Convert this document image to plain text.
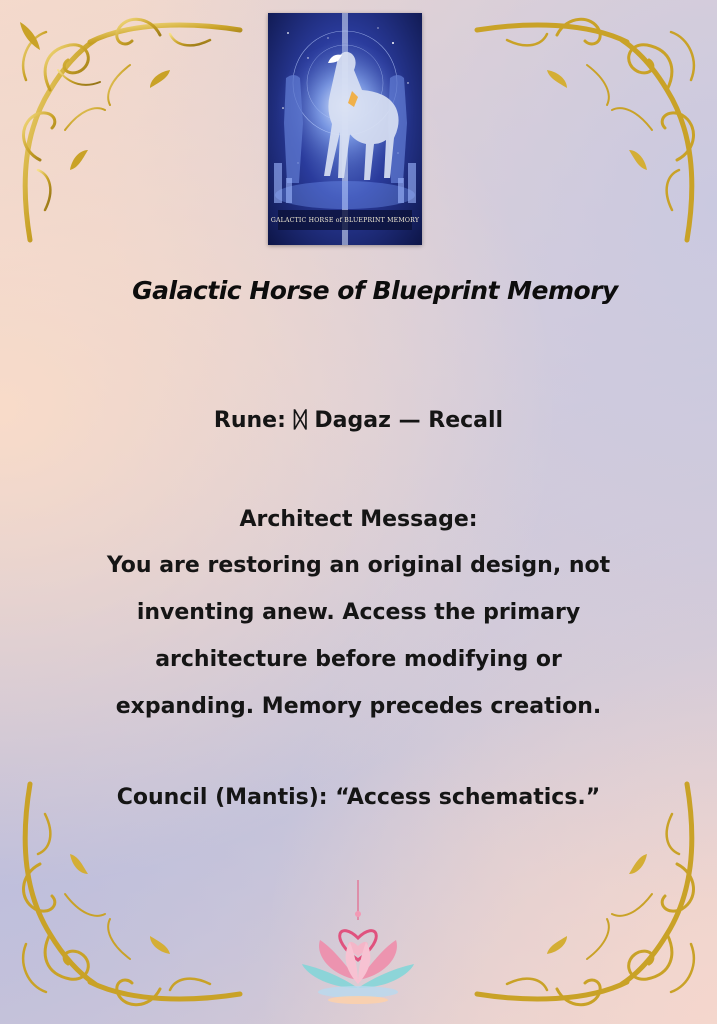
GALACTIC HORSE of BLUEPRINT MEMORY
Galactic Horse of Blueprint Memory
Rune: ᛞ Dagaz — Recall
Architect Message:
You are restoring an original design, not
inventing anew. Access the primary
architecture before modifying or
expanding. Memory precedes creation.
Council (Mantis): “Access schematics.”
